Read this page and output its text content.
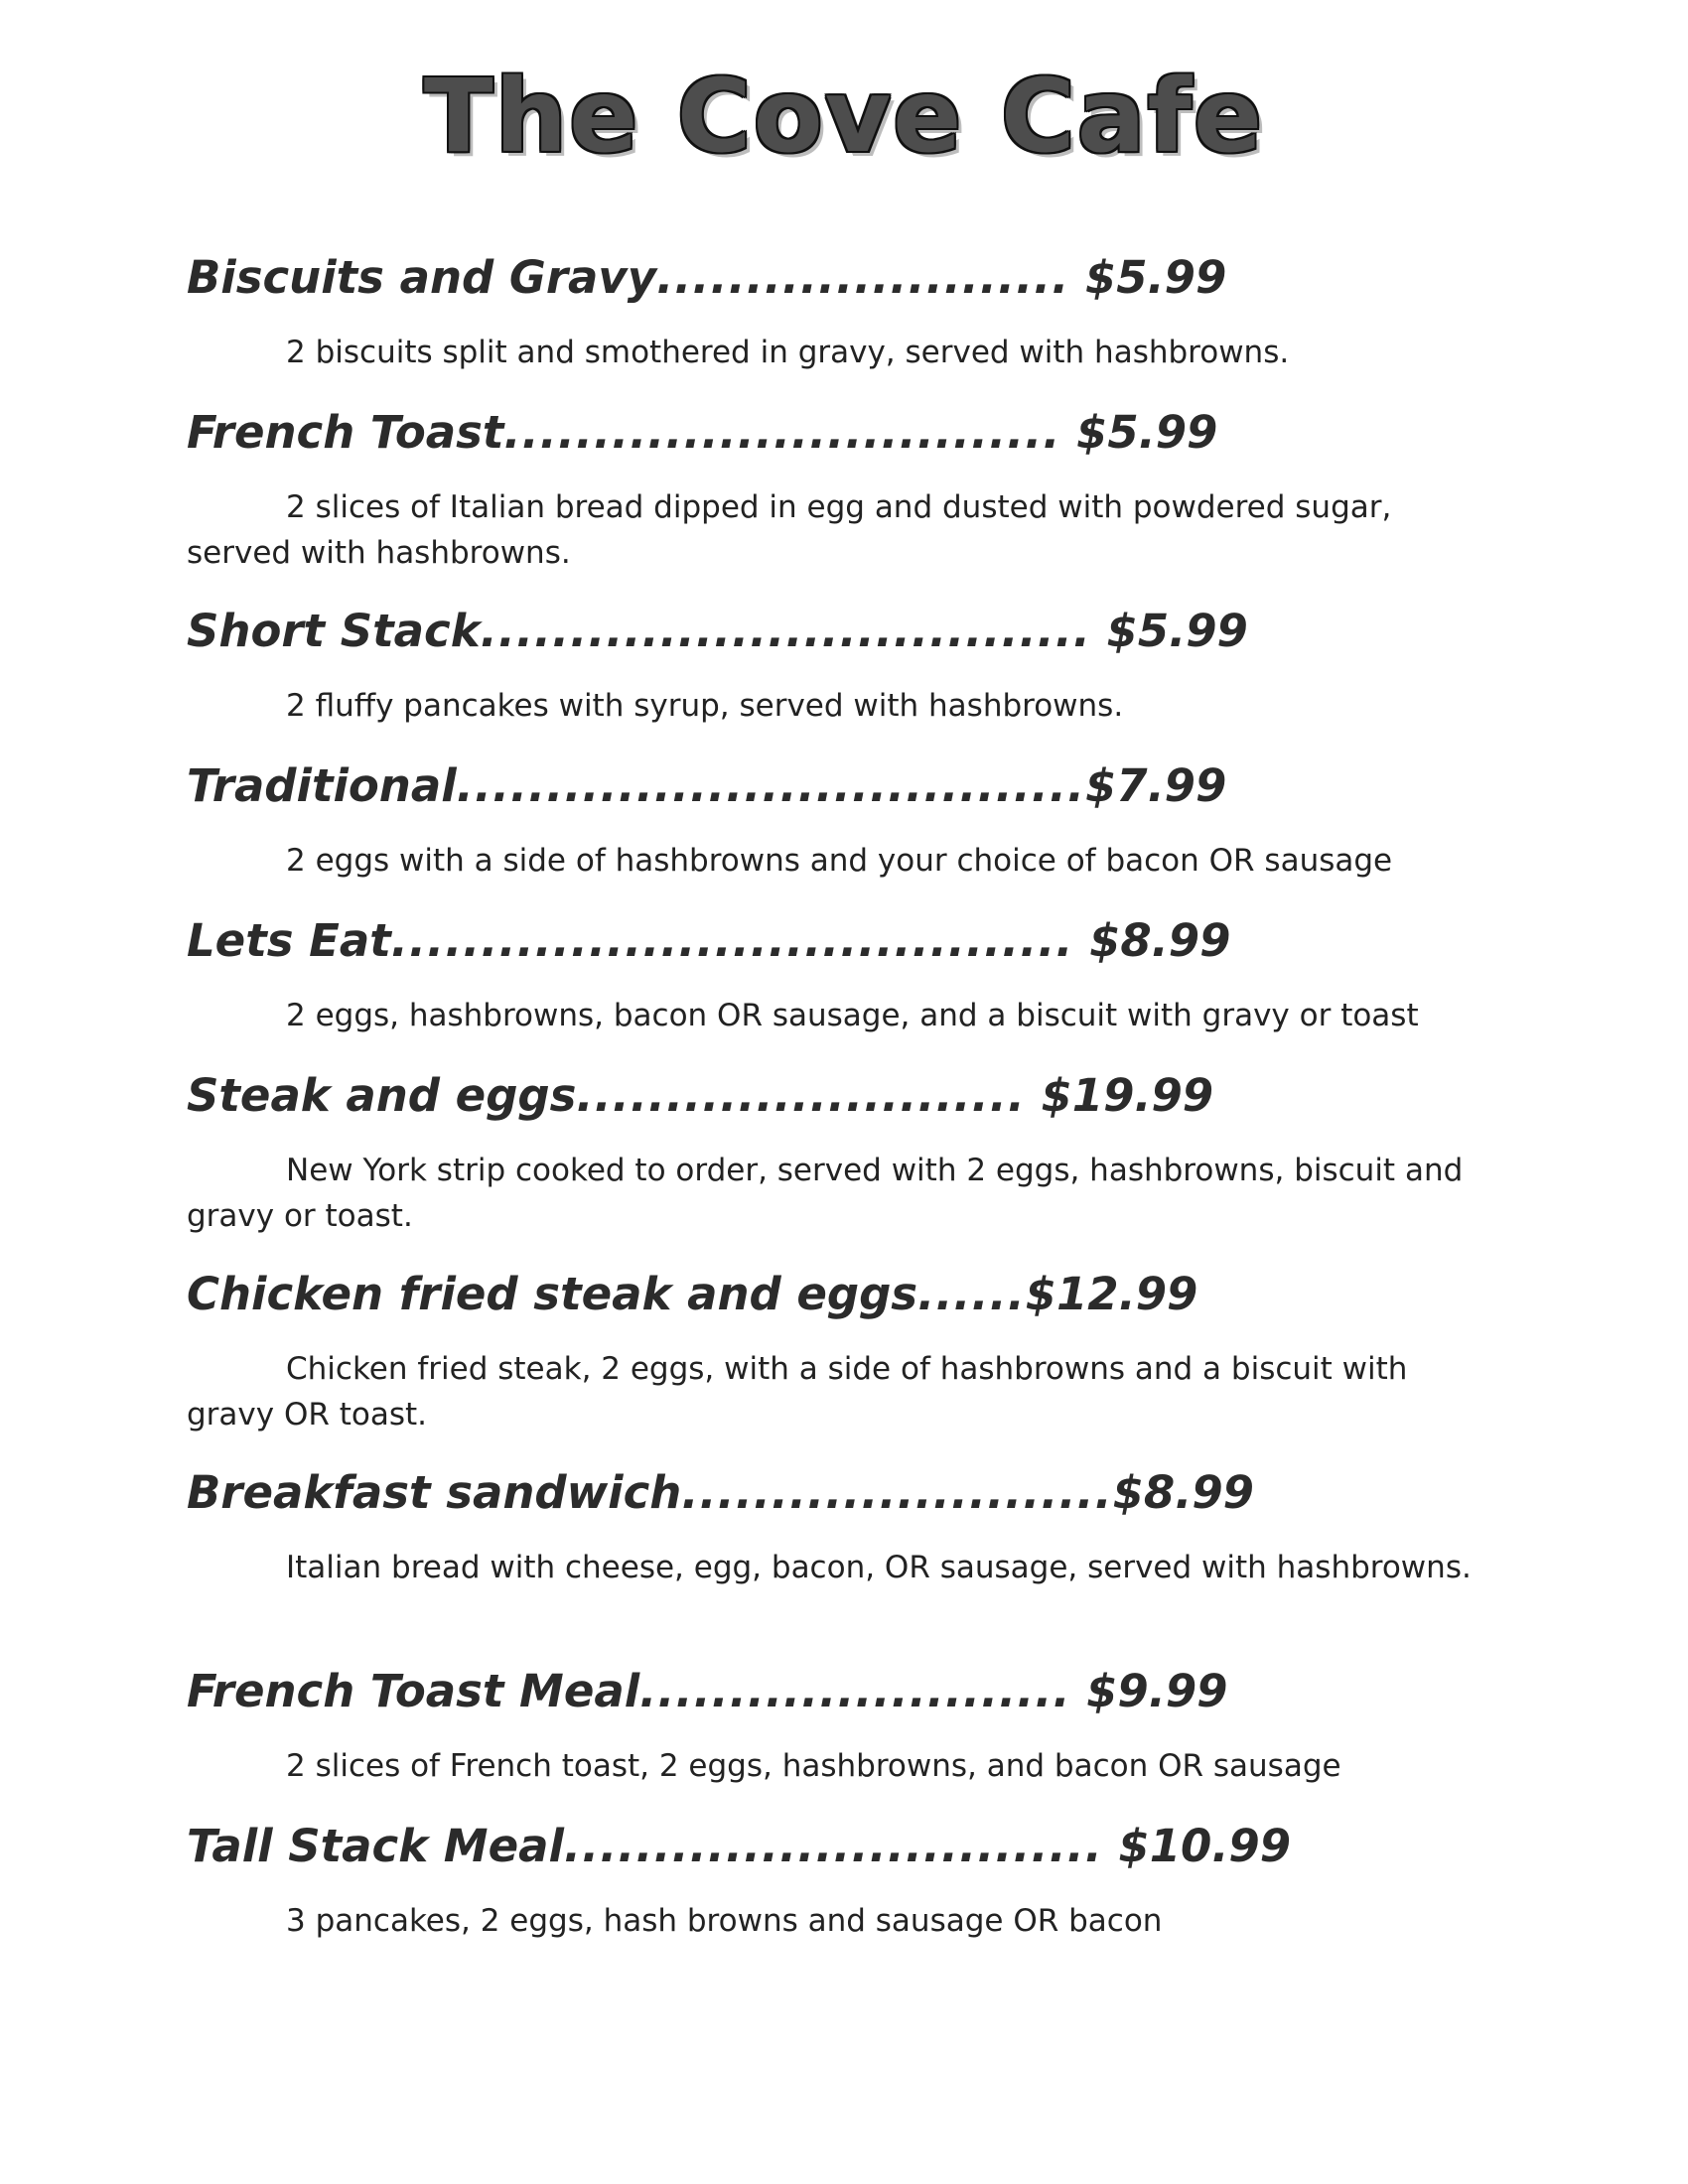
The Cove Cafe
Biscuits and Gravy....................... $5.99
2 biscuits split and smothered in gravy, served with hashbrowns.
French Toast............................... $5.99
2 slices of Italian bread dipped in egg and dusted with powdered sugar, served with hashbrowns.
Short Stack.................................. $5.99
2 fluffy pancakes with syrup, served with hashbrowns.
Traditional...................................$7.99
2 eggs with a side of hashbrowns and your choice of bacon OR sausage
Lets Eat...................................... $8.99
2 eggs, hashbrowns, bacon OR sausage, and a biscuit with gravy or toast
Steak and eggs......................... $19.99
New York strip cooked to order, served with 2 eggs, hashbrowns, biscuit and gravy or toast.
Chicken fried steak and eggs......$12.99
Chicken fried steak, 2 eggs, with a side of hashbrowns and a biscuit with gravy OR toast.
Breakfast sandwich........................$8.99
Italian bread with cheese, egg, bacon, OR sausage, served with hashbrowns.
French Toast Meal........................ $9.99
2 slices of French toast, 2 eggs, hashbrowns, and bacon OR sausage
Tall Stack Meal.............................. $10.99
3 pancakes, 2 eggs, hash browns and sausage OR bacon
